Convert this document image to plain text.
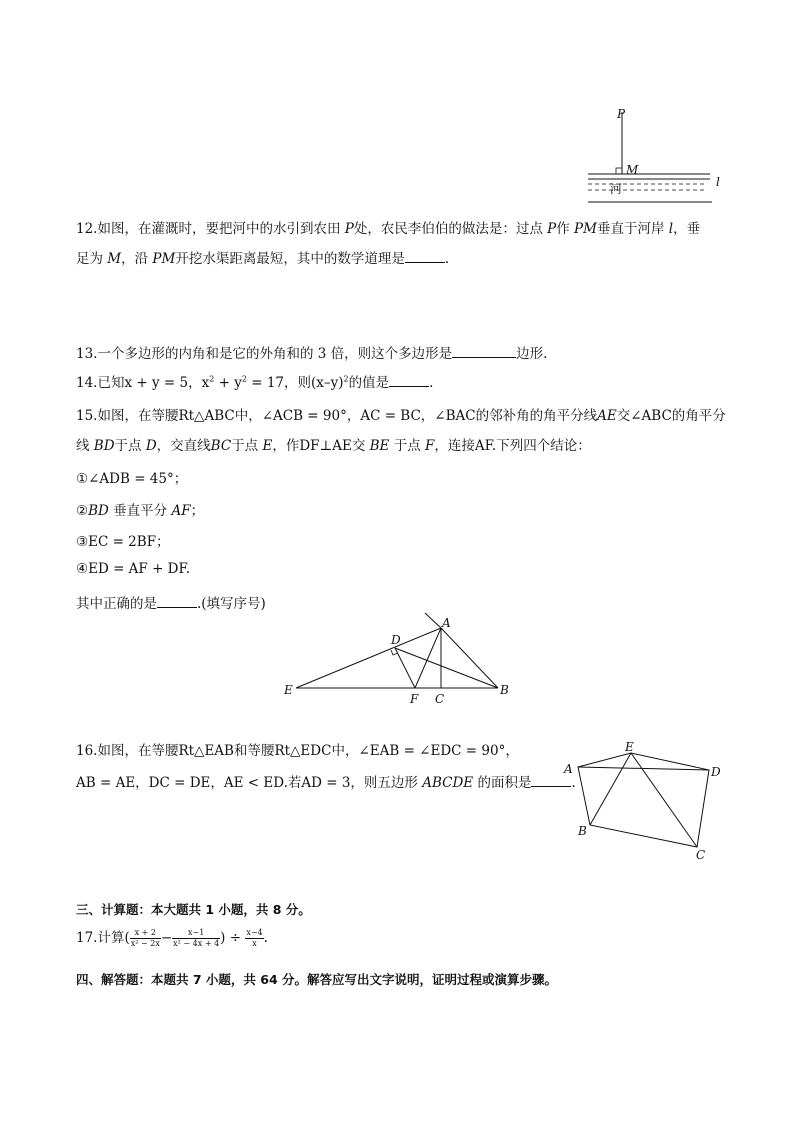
P
M
河	l
12.如图，在灌溉时，要把河中的水引到农田 P处，农民李伯伯的做法是：过点 P作 PM垂直于河岸 l，垂
足为 M，沿 PM开挖水渠距离最短，其中的数学道理是	.
13.一个多边形的内角和是它的外角和的 3 倍，则这个多边形是	边形.
14.已知x + y = 5，$x^2 + y^2 = 17$，则$(x-y)^2$的值是	.
15.如图，在等腰Rt△ABC中，∠ACB = 90°，AC = BC，∠BAC的邻补角的角平分线AE交∠ABC的角平分
线 BD于点 D，交直线BC于点 E，作DF⊥AE交 BE 于点 F，连接AF.下列四个结论：
①∠ADB = 45°；
②BD 垂直平分 AF；
③EC = 2BF；
④ED = AF + DF.
其中正确的是	.(填写序号)
A
D
E	B
F C
16.如图，在等腰Rt△EAB和等腰Rt△EDC中，∠EAB = ∠EDC = 90°，
AB = AE，DC = DE，AE < ED.若AD = 3，则五边形 ABCDE 的面积是	.
A
E
D
B
C
三、计算题：本大题共 1 小题，共 8 分。
17.计算( $\frac{x + 2}{\text{x² − 2x}} - \frac{x-1}{\text{x² − 4x + 4}}$ ) ÷ $\frac{x-4}{x}$ .
四、解答题：本题共 7 小题，共 64 分。解答应写出文字说明，证明过程或演算步骤。
